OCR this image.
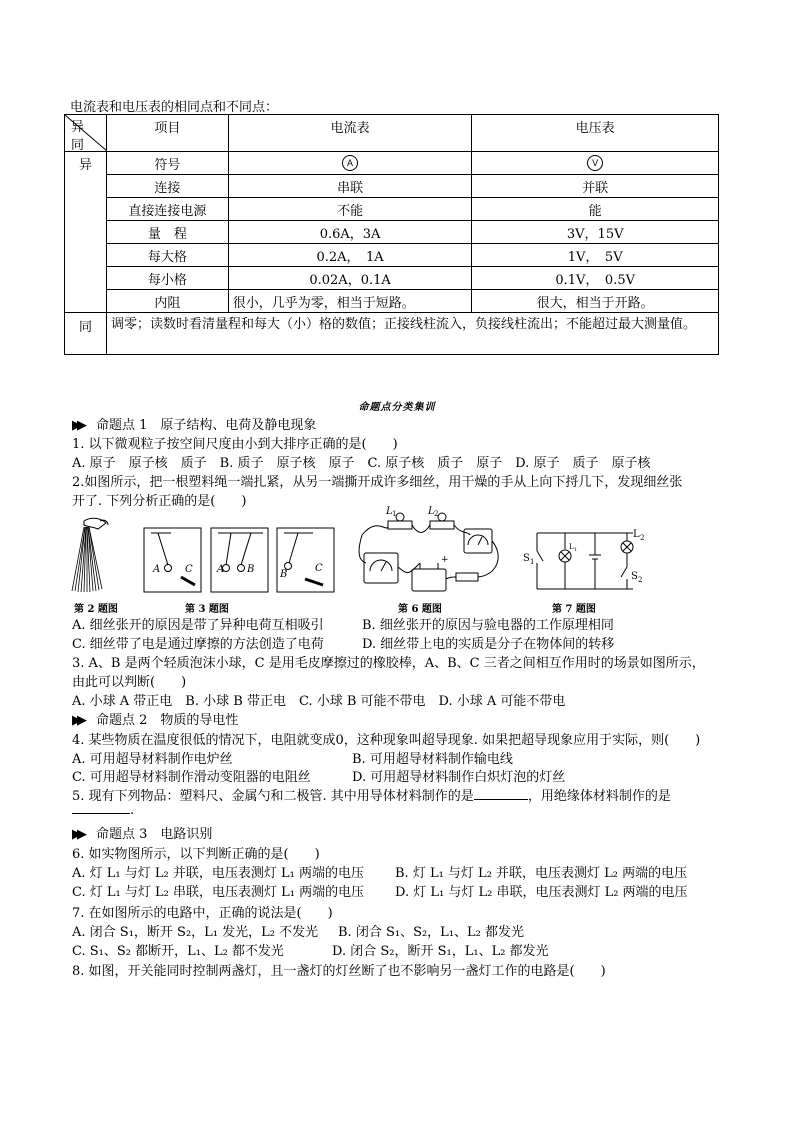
电流表和电压表的相同点和不同点：
异
同	项目	电流表	电压表
异	符号	A	V
	连接	串联	并联
	直接连接电源	不能	能
	量　程	0.6A，3A	3V，15V
	每大格	0.2A，　1A	1V，　5V
	每小格	0.02A，0.1A	0.1V，　0.5V
	内阻	很小，几乎为零，相当于短路。	很大，相当于开路。
同	调零；读数时看清量程和每大（小）格的数值；正接线柱流入，负接线柱流出；不能超过最大测量值。		
命题点分类集训
▶▶ 命题点 1　原子结构、电荷及静电现象
1. 以下微观粒子按空间尺度由小到大排序正确的是(　　)
A. 原子　原子核　质子　B. 质子　原子核　原子　C. 原子核　质子　原子　D. 原子　质子　原子核
2.如图所示，把一根塑料绳一端扎紧，从另一端撕开成许多细丝，用干燥的手从上向下捋几下，发现细丝张
开了. 下列分析正确的是(　　)
A C A B	B
C
L 1	L 2
+	S 1
L 1
L 2
S 2
第 2 题图	第 3 题图	第 6 题图	第 7 题图
A. 细丝张开的原因是带了异种电荷互相吸引	B. 细丝张开的原因与验电器的工作原理相同
C. 细丝带了电是通过摩擦的方法创造了电荷	D. 细丝带上电的实质是分子在物体间的转移
3. A、B 是两个轻质泡沫小球，C 是用毛皮摩擦过的橡胶棒，A、B、C 三者之间相互作用时的场景如图所示，
由此可以判断(　　)
A. 小球 A 带正电　B. 小球 B 带正电　C. 小球 B 可能不带电　D. 小球 A 可能不带电
▶▶ 命题点 2　物质的导电性
4. 某些物质在温度很低的情况下，电阻就变成0，这种现象叫超导现象. 如果把超导现象应用于实际，则(　　)
A. 可用超导材料制作电炉丝	B. 可用超导材料制作输电线
C. 可用超导材料制作滑动变阻器的电阻丝	D. 可用超导材料制作白炽灯泡的灯丝
5. 现有下列物品：塑料尺、金属勺和二极管. 其中用导体材料制作的是	，用绝缘体材料制作的是
.
▶▶ 命题点 3　电路识别
6. 如实物图所示，以下判断正确的是(　　)
A. 灯 L₁ 与灯 L₂ 并联，电压表测灯 L₁ 两端的电压 B. 灯 L₁ 与灯 L₂ 并联，电压表测灯 L₂ 两端的电压
C. 灯 L₁ 与灯 L₂ 串联，电压表测灯 L₁ 两端的电压 D. 灯 L₁ 与灯 L₂ 串联，电压表测灯 L₂ 两端的电压
7. 在如图所示的电路中，正确的说法是(　　)
A. 闭合 S₁，断开 S₂，L₁ 发光，L₂ 不发光 B. 闭合 S₁、S₂，L₁、L₂ 都发光
C. S₁、S₂ 都断开，L₁、L₂ 都不发光	D. 闭合 S₂，断开 S₁，L₁、L₂ 都发光
8. 如图，开关能同时控制两盏灯，且一盏灯的灯丝断了也不影响另一盏灯工作的电路是(　　)
